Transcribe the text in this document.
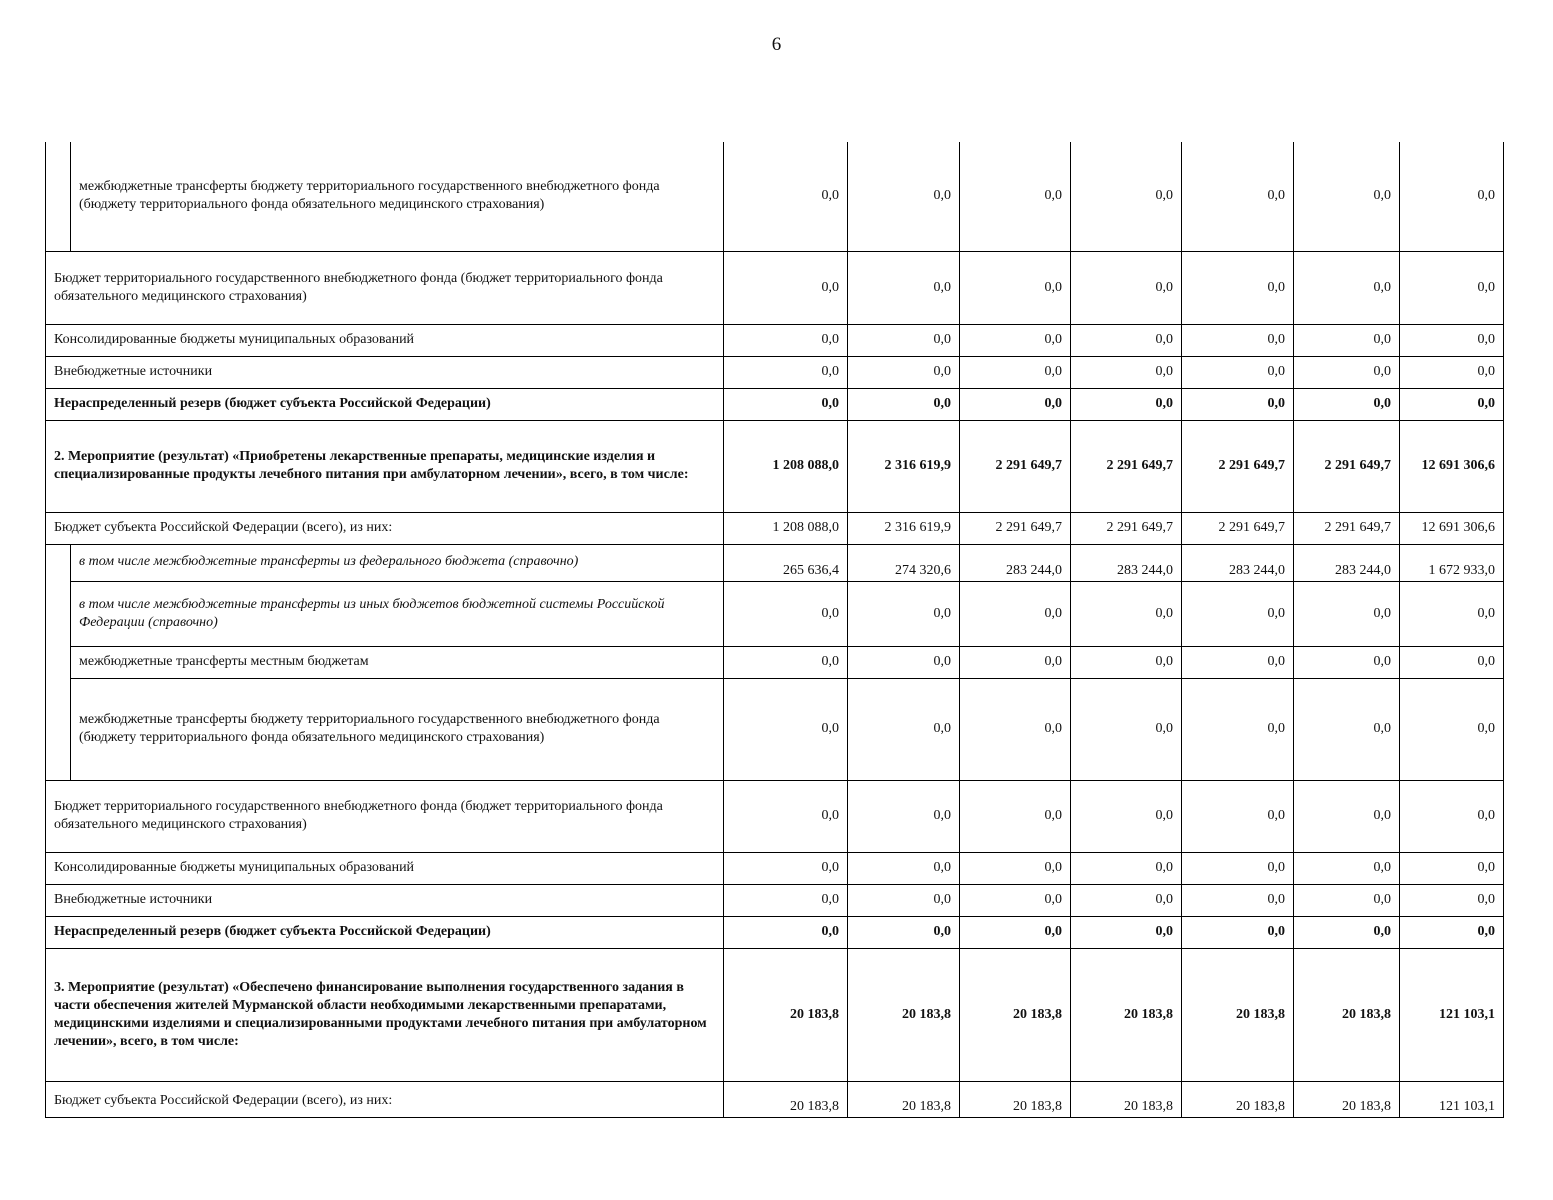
6
	межбюджетные трансферты бюджету территориального государственного внебюджетного фонда (бюджету территориального фонда обязательного медицинского страхования)	0,0	0,0	0,0	0,0	0,0	0,0	0,0
Бюджет территориального государственного внебюджетного фонда (бюджет территориального фонда обязательного медицинского страхования)		0,0	0,0	0,0	0,0	0,0	0,0	0,0
Консолидированные бюджеты муниципальных образований		0,0	0,0	0,0	0,0	0,0	0,0	0,0
Внебюджетные источники		0,0	0,0	0,0	0,0	0,0	0,0	0,0
Нераспределенный резерв (бюджет субъекта Российской Федерации)		0,0	0,0	0,0	0,0	0,0	0,0	0,0
2. Мероприятие (результат) «Приобретены лекарственные препараты, медицинские изделия и специализированные продукты лечебного питания при амбулаторном лечении», всего, в том числе:		1 208 088,0	2 316 619,9	2 291 649,7	2 291 649,7	2 291 649,7	2 291 649,7	12 691 306,6
Бюджет субъекта Российской Федерации (всего), из них:		1 208 088,0	2 316 619,9	2 291 649,7	2 291 649,7	2 291 649,7	2 291 649,7	12 691 306,6
	в том числе межбюджетные трансферты из федерального бюджета (справочно)	265 636,4	274 320,6	283 244,0	283 244,0	283 244,0	283 244,0	1 672 933,0
	в том числе межбюджетные трансферты из иных бюджетов бюджетной системы Российской Федерации (справочно)	0,0	0,0	0,0	0,0	0,0	0,0	0,0
	межбюджетные трансферты местным бюджетам	0,0	0,0	0,0	0,0	0,0	0,0	0,0
	межбюджетные трансферты бюджету территориального государственного внебюджетного фонда (бюджету территориального фонда обязательного медицинского страхования)	0,0	0,0	0,0	0,0	0,0	0,0	0,0
Бюджет территориального государственного внебюджетного фонда (бюджет территориального фонда обязательного медицинского страхования)		0,0	0,0	0,0	0,0	0,0	0,0	0,0
Консолидированные бюджеты муниципальных образований		0,0	0,0	0,0	0,0	0,0	0,0	0,0
Внебюджетные источники		0,0	0,0	0,0	0,0	0,0	0,0	0,0
Нераспределенный резерв (бюджет субъекта Российской Федерации)		0,0	0,0	0,0	0,0	0,0	0,0	0,0
3. Мероприятие (результат) «Обеспечено финансирование выполнения государственного задания в части обеспечения жителей Мурманской области необходимыми лекарственными препаратами, медицинскими изделиями и специализированными продуктами лечебного питания при амбулаторном лечении», всего, в том числе:		20 183,8	20 183,8	20 183,8	20 183,8	20 183,8	20 183,8	121 103,1
Бюджет субъекта Российской Федерации (всего), из них:		20 183,8	20 183,8	20 183,8	20 183,8	20 183,8	20 183,8	121 103,1
